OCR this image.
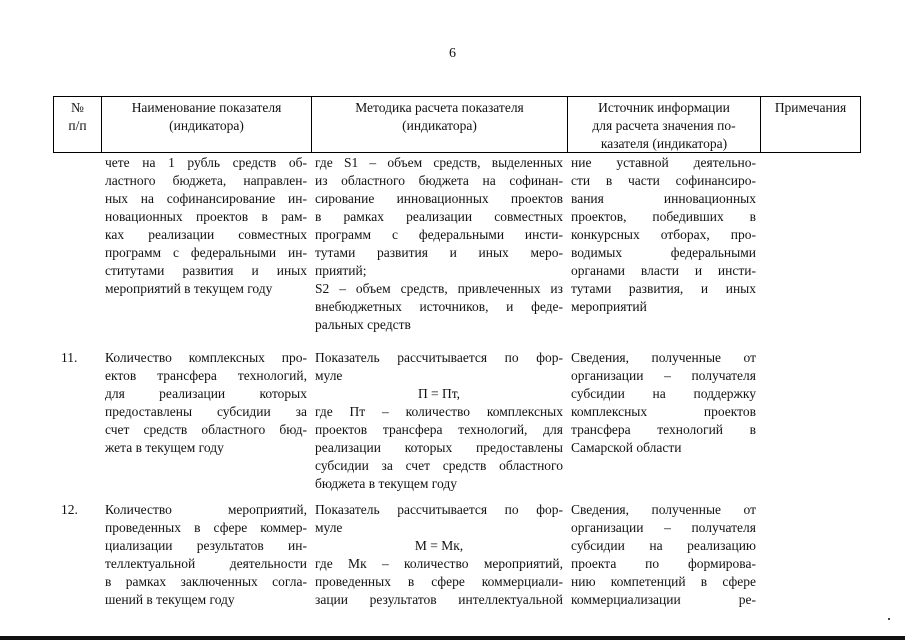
6
№
п/п
Наименование показателя
(индикатора)
Методика расчета показателя
(индикатора)
Источник информации
для расчета значения по-
казателя (индикатора)
Примечания
чете на 1 рубль средств об-
ластного бюджета, направлен-
ных на софинансирование ин-
новационных проектов в рам-
ках реализации совместных
программ с федеральными ин-
ститутами развития и иных
мероприятий в текущем году
где S1 – объем средств, выделенных
из областного бюджета на софинан-
сирование инновационных проектов
в рамках реализации совместных
программ с федеральными инсти-
тутами развития и иных меро-
приятий;
S2 – объем средств, привлеченных из
внебюджетных источников, и феде-
ральных средств
ние уставной деятельно-
сти в части софинансиро-
вания инновационных
проектов, победивших в
конкурсных отборах, про-
водимых федеральными
органами власти и инсти-
тутами развития, и иных
мероприятий
11.	Количество комплексных про-
ектов трансфера технологий,
для реализации которых
предоставлены субсидии за
счет средств областного бюд-
жета в текущем году
Показатель рассчитывается по фор-
муле
П = Пт,
где Пт – количество комплексных
проектов трансфера технологий, для
реализации которых предоставлены
субсидии за счет средств областного
бюджета в текущем году
Сведения, полученные от
организации – получателя
субсидии на поддержку
комплексных проектов
трансфера технологий в
Самарской области
12.	Количество мероприятий,
проведенных в сфере коммер-
циализации результатов ин-
теллектуальной деятельности
в рамках заключенных согла-
шений в текущем году
Показатель рассчитывается по фор-
муле
М = Мк,
где Мк – количество мероприятий,
проведенных в сфере коммерциали-
зации результатов интеллектуальной
Сведения, полученные от
организации – получателя
субсидии на реализацию
проекта по формирова-
нию компетенций в сфере
коммерциализации ре-
